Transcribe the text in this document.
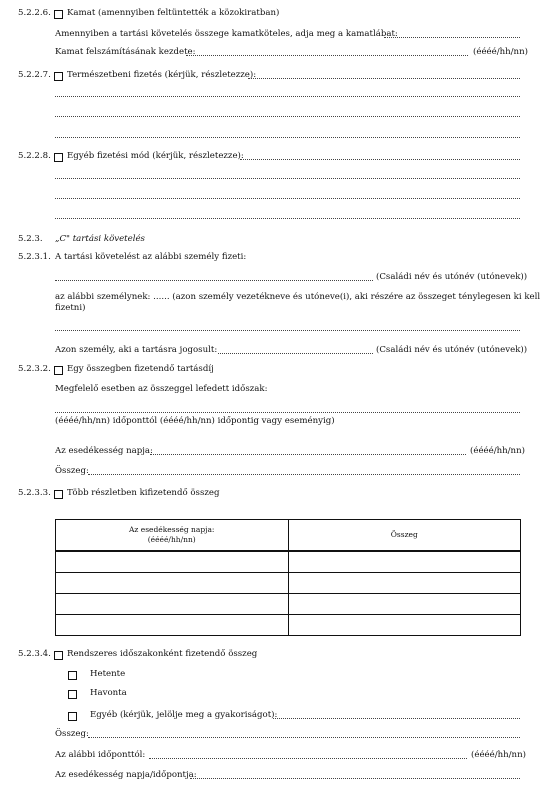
5.2.2.6. Kamat (amennyiben feltüntették a közokiratban)
Amennyiben a tartási követelés összege kamatköteles, adja meg a kamatlábat:
Kamat felszámításának kezdete:	(éééé/hh/nn)
5.2.2.7. Természetbeni fizetés (kérjük, részletezze):
5.2.2.8. Egyéb fizetési mód (kérjük, részletezze):
5.2.3. „C" tartási követelés
5.2.3.1. A tartási követelést az alábbi személy fizeti:
(Családi név és utónév (utónevek))
az alábbi személynek: ...... (azon személy vezetékneve és utóneve(i), aki részére az összeget ténylegesen ki kell
fizetni)
Azon személy, aki a tartásra jogosult:	(Családi név és utónév (utónevek))
5.2.3.2. Egy összegben fizetendő tartásdíj
Megfelelő esetben az összeggel lefedett időszak:
(éééé/hh/nn) időponttól (éééé/hh/nn) időpontig vagy eseményig)
Az esedékesség napja:	(éééé/hh/nn)
Összeg:
5.2.3.3. Több részletben kifizetendő összeg
Az esedékesség napja:
(éééé/hh/nn)	Összeg

5.2.3.4. Rendszeres időszakonként fizetendő összeg
Hetente
Havonta
Egyéb (kérjük, jelölje meg a gyakoriságot):
Összeg:
Az alábbi időponttól:	(éééé/hh/nn)
Az esedékesség napja/időpontja:
